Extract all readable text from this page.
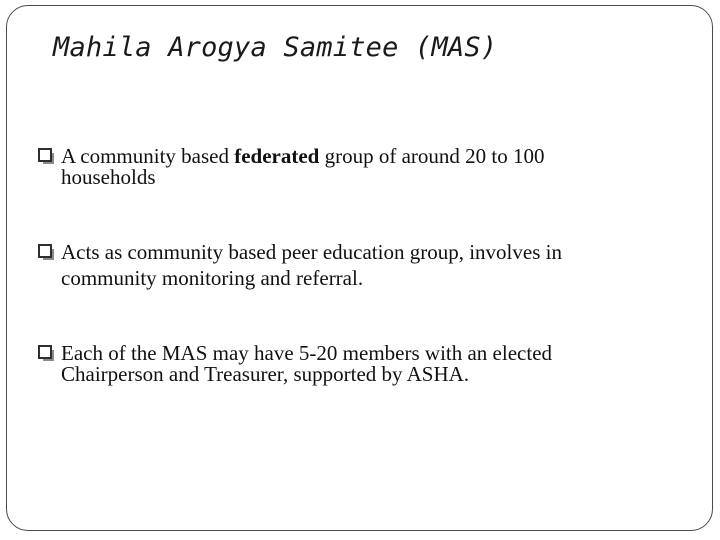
Mahila Arogya Samitee (MAS)
A community based federated group of around 20 to 100
households
Acts as community based peer education group, involves in
community monitoring and referral.
Each of the MAS may have 5-20 members with an elected
Chairperson and Treasurer, supported by ASHA.
